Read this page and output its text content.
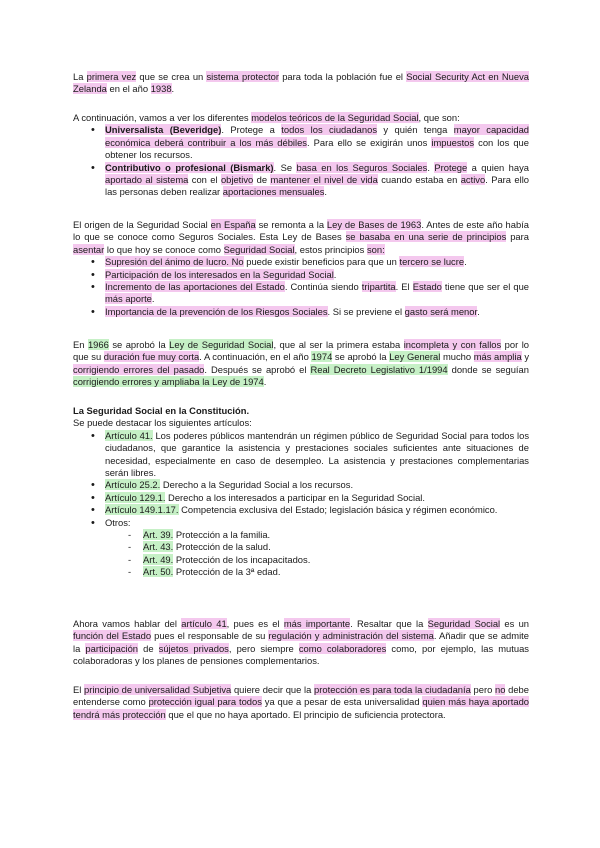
La primera vez que se crea un sistema protector para toda la población fue el Social Security Act en Nueva Zelanda en el año 1938.

A continuación, vamos a ver los diferentes modelos teóricos de la Seguridad Social, que son:

• Universalista (Beveridge). Protege a todos los ciudadanos y quién tenga mayor capacidad económica deberá contribuir a los más débiles. Para ello se exigirán unos impuestos con los que obtener los recursos.
• Contributivo o profesional (Bismark). Se basa en los Seguros Sociales. Protege a quien haya aportado al sistema con el objetivo de mantener el nivel de vida cuando estaba en activo. Para ello las personas deben realizar aportaciones mensuales.

El origen de la Seguridad Social en España se remonta a la Ley de Bases de 1963. Antes de este año había lo que se conoce como Seguros Sociales. Esta Ley de Bases se basaba en una serie de principios para asentar lo que hoy se conoce como Seguridad Social, estos principios son:

• Supresión del ánimo de lucro. No puede existir beneficios para que un tercero se lucre.
• Participación de los interesados en la Seguridad Social.
• Incremento de las aportaciones del Estado. Continúa siendo tripartita. El Estado tiene que ser el que más aporte.
• Importancia de la prevención de los Riesgos Sociales. Si se previene el gasto será menor.

En 1966 se aprobó la Ley de Seguridad Social, que al ser la primera estaba incompleta y con fallos por lo que su duración fue muy corta. A continuación, en el año 1974 se aprobó la Ley General mucho más amplia y corrigiendo errores del pasado. Después se aprobó el Real Decreto Legislativo 1/1994 donde se seguían corrigiendo errores y ampliaba la Ley de 1974.

La Seguridad Social en la Constitución.

Se puede destacar los siguientes artículos:

• Artículo 41. Los poderes públicos mantendrán un régimen público de Seguridad Social para todos los ciudadanos, que garantice la asistencia y prestaciones sociales suficientes ante situaciones de necesidad, especialmente en caso de desempleo. La asistencia y prestaciones complementarias serán libres.
• Artículo 25.2. Derecho a la Seguridad Social a los recursos.
• Artículo 129.1. Derecho a los interesados a participar en la Seguridad Social.
• Artículo 149.1.17. Competencia exclusiva del Estado; legislación básica y régimen económico.
• Otros:
- Art. 39. Protección a la familia.
- Art. 43. Protección de la salud.
- Art. 49. Protección de los incapacitados.
- Art. 50. Protección de la 3ª edad.

Ahora vamos hablar del artículo 41, pues es el más importante. Resaltar que la Seguridad Social es un función del Estado pues el responsable de su regulación y administración del sistema. Añadir que se admite la participación de sújetos privados, pero siempre como colaboradores como, por ejemplo, las mutuas colaboradoras y los planes de pensiones complementarios.

El principio de universalidad Subjetiva quiere decir que la protección es para toda la ciudadanía pero no debe entenderse como protección igual para todos ya que a pesar de esta universalidad quien más haya aportado tendrá más protección que el que no haya aportado. El principio de suficiencia protectora.
